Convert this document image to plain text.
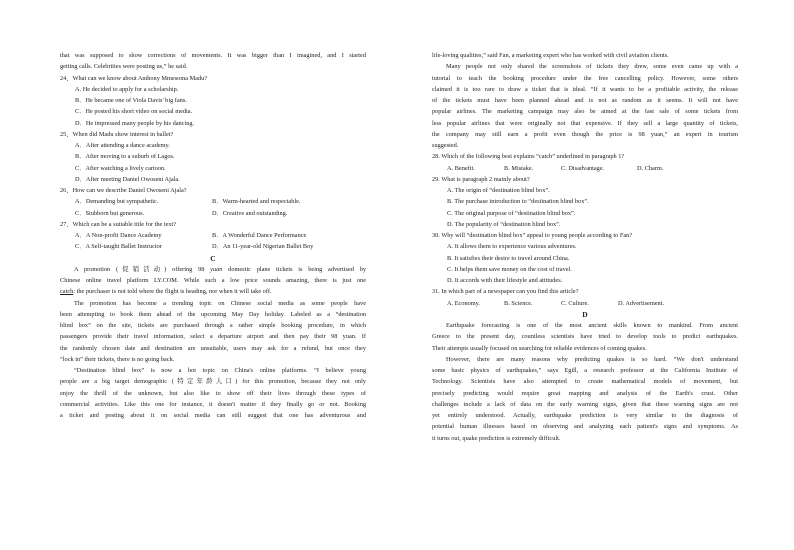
that was supposed to show corrections of movements. It was bigger than I imagined, and I started
getting calls. Celebrities were posting us,” he said.
24、What can we know about Anthony Mmesoma Madu?
A. He decided to apply for a scholarship.
B．He became one of Viola Davis' big fans.
C．He posted his short video on social media.
D．He impressed many people by his dancing.
25、When did Madu show interest in ballet?
A．After attending a dance academy.
B．After moving to a suburb of Lagos.
C．After watching a lively cartoon.
D．After meeting Daniel Owoseni Ajala.
26、How can we describe Daniel Owoseni Ajala?
A．Demanding but sympathetic.	B．Warm-hearted and respectable.
C．Stubborn but generous.	D．Creative and outstanding.
27、Which can be a suitable title for the text?
A．A Non-profit Dance Academy	B．A Wonderful Dance Performance
C．A Self-taught Ballet Instructor	D．An 11-year-old Nigerian Ballet Boy
C
A promotion (促销活动) offering 98 yuan domestic plane tickets is being advertised by
Chinese online travel platform LY.COM. While such a low price sounds amazing, there is just one
catch: the purchaser is not told where the flight is heading, nor when it will take off.
The promotion has become a trending topic on Chinese social media as some people have
been attempting to book them ahead of the upcoming May Day holiday. Labeled as a “destination
blind box” on the site, tickets are purchased through a rather simple booking procedure, in which
passengers provide their travel information, select a departure airport and then pay their 98 yuan. If
the randomly chosen date and destination are unsuitable, users may ask for a refund, but once they
“lock in” their tickets, there is no going back.
“Destination blind box” is now a hot topic on China's online platforms. “I believe young
people are a big target demographic (特定年龄人口) for this promotion, because they not only
enjoy the thrill of the unknown, but also like to show off their lives through these types of
commercial activities. Like this one for instance, it doesn't matter if they finally go or not. Booking
a ticket and posting about it on social media can still suggest that one has adventurous and
life-loving qualities,” said Fan, a marketing expert who has worked with civil aviation clients.
Many people not only shared the screenshots of tickets they drew, some even came up with a
tutorial to teach the booking procedure under the free cancelling policy. However, some others
claimed it is too rare to draw a ticket that is ideal. “If it wants to be a profitable activity, the release
of the tickets must have been planned ahead and is not as random as it seems. It will not have
popular airlines. The marketing campaign may also be aimed at the fast sale of some tickets from
less popular airlines that were originally not that expensive. If they sell a large quantity of tickets,
the company may still earn a profit even though the price is 98 yuan,” an expert in tourism
suggested.
28. Which of the following best explains “catch” underlined in paragraph 1?
A. Benefit.	B. Mistake.	C. Disadvantage.	D. Charm.
29. What is paragraph 2 mainly about?
A. The origin of “destination blind box”.
B. The purchase introduction to “destination blind box”.
C. The original purpose of “destination blind box”.
D. The popularity of “destination blind box”.
30. Why will “destination blind box” appeal to young people according to Fan?
A. It allows them to experience various adventures.
B. It satisfies their desire to travel around China.
C. It helps them save money on the cost of travel.
D. It accords with their lifestyle and attitudes.
31. In which part of a newspaper can you find this article?
A. Economy.	B. Science.	C. Culture.	D. Advertisement.
D
Earthquake forecasting is one of the most ancient skills known to mankind. From ancient
Greece to the present day, countless scientists have tried to develop tools to predict earthquakes.
Their attempts usually focused on searching for reliable evidences of coming quakes.
However, there are many reasons why predicting quakes is so hard. “We don't understand
some basic physics of earthquakes,” says Egill, a research professor at the California Institute of
Technology. Scientists have also attempted to create mathematical models of movement, but
precisely predicting would require great mapping and analysis of the Earth's crust. Other
challenges include a lack of data on the early warning signs, given that these warning signs are not
yet entirely understood. Actually, earthquake prediction is very similar to the diagnosis of
potential human illnesses based on observing and analyzing each patient's signs and symptoms. As
it turns out, quake prediction is extremely difficult.
